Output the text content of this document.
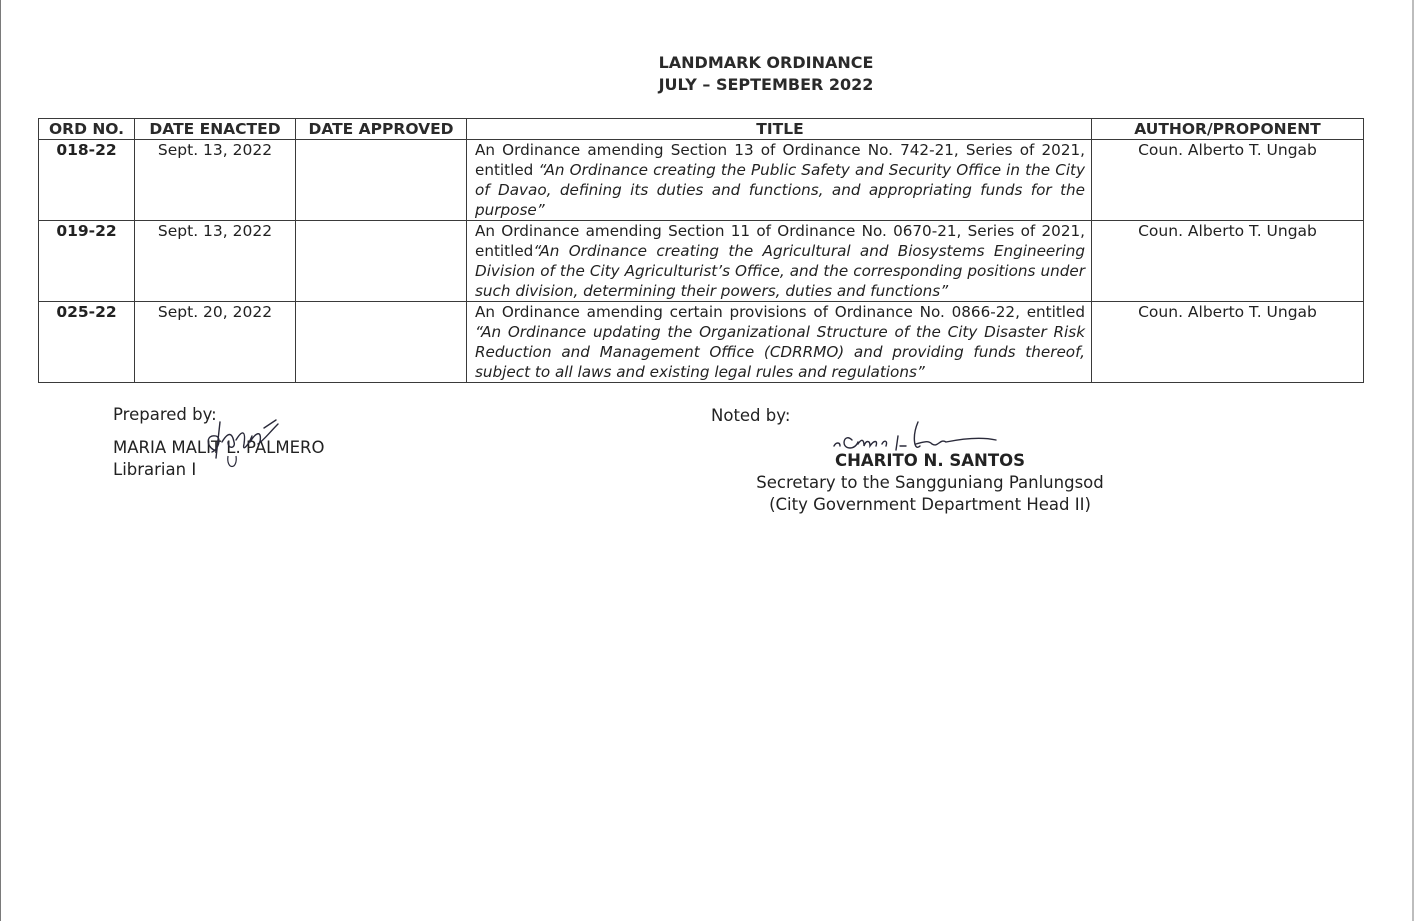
LANDMARK ORDINANCE
JULY – SEPTEMBER 2022
ORD NO.	DATE ENACTED	DATE APPROVED	TITLE	AUTHOR/PROPONENT
018-22	Sept. 13, 2022		An Ordinance amending Section 13 of Ordinance No. 742-21, Series of 2021, entitled “An Ordinance creating the Public Safety and Security Office in the City of Davao, defining its duties and functions, and appropriating funds for the purpose”	Coun. Alberto T. Ungab
019-22	Sept. 13, 2022		An Ordinance amending Section 11 of Ordinance No. 0670-21, Series of 2021, entitled“An Ordinance creating the Agricultural and Biosystems Engineering Division of the City Agriculturist’s Office, and the corresponding positions under such division, determining their powers, duties and functions”	Coun. Alberto T. Ungab
025-22	Sept. 20, 2022		An Ordinance amending certain provisions of Ordinance No. 0866-22, entitled “An Ordinance updating the Organizational Structure of the City Disaster Risk Reduction and Management Office (CDRRMO) and providing funds thereof, subject to all laws and existing legal rules and regulations”	Coun. Alberto T. Ungab
Prepared by:
MARIA MALIT L. PALMERO
Librarian I
Noted by:
CHARITO N. SANTOS
Secretary to the Sangguniang Panlungsod
(City Government Department Head II)
